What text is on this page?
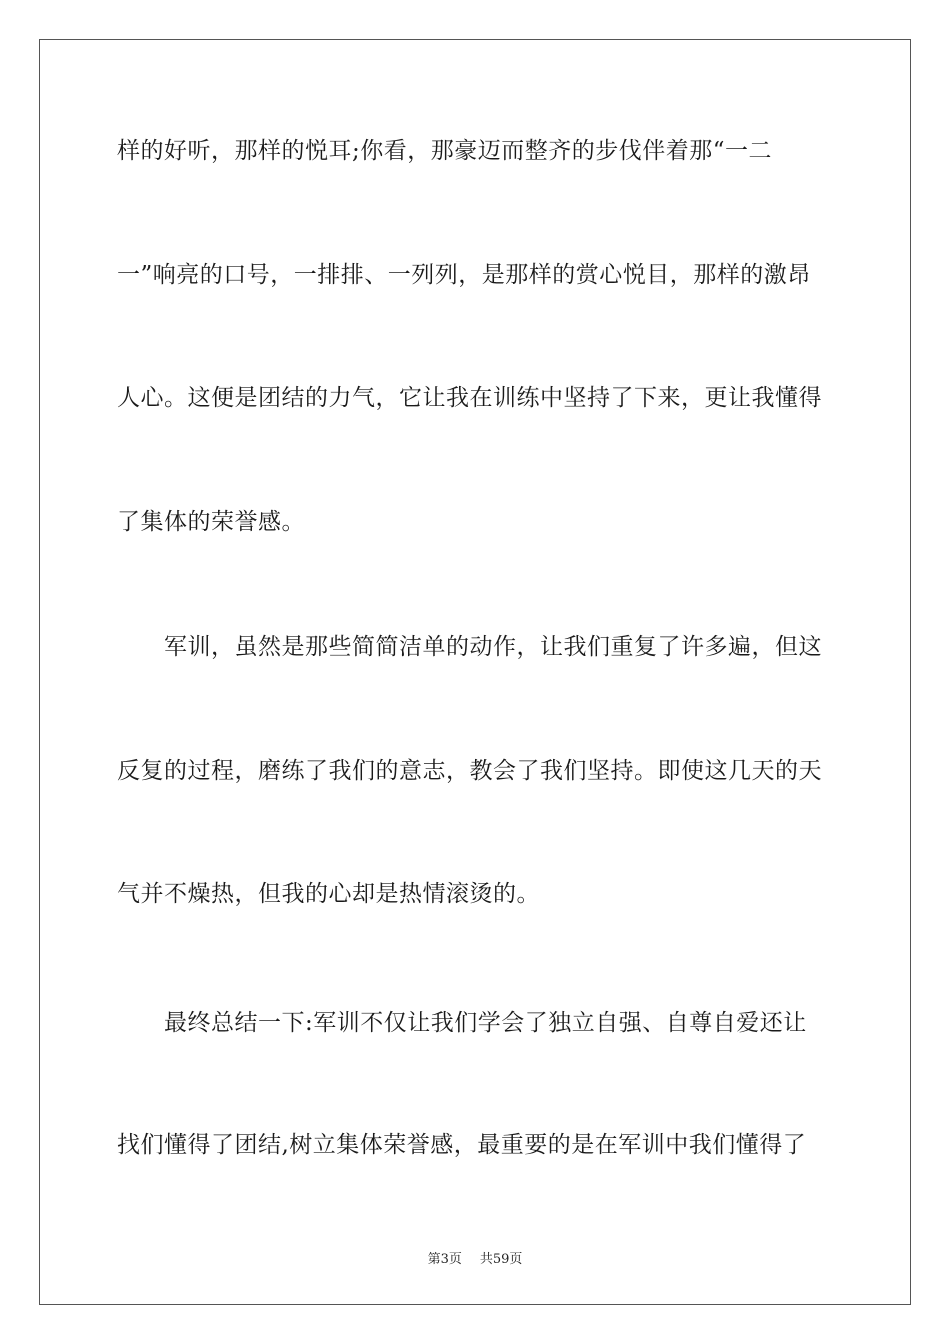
样的好听，那样的悦耳;你看，那豪迈而整齐的步伐伴着那“一二
一”响亮的口号，一排排、一列列，是那样的赏心悦目，那样的激昂
人心。这便是团结的力气，它让我在训练中坚持了下来，更让我懂得
了集体的荣誉感。
　　军训，虽然是那些简简洁单的动作，让我们重复了许多遍，但这
反复的过程，磨练了我们的意志，教会了我们坚持。即使这几天的天
气并不燥热，但我的心却是热情滚烫的。
　　最终总结一下:军训不仅让我们学会了独立自强、自尊自爱还让
找们懂得了团结,树立集体荣誉感，最重要的是在军训中我们懂得了
第3页 共59页
